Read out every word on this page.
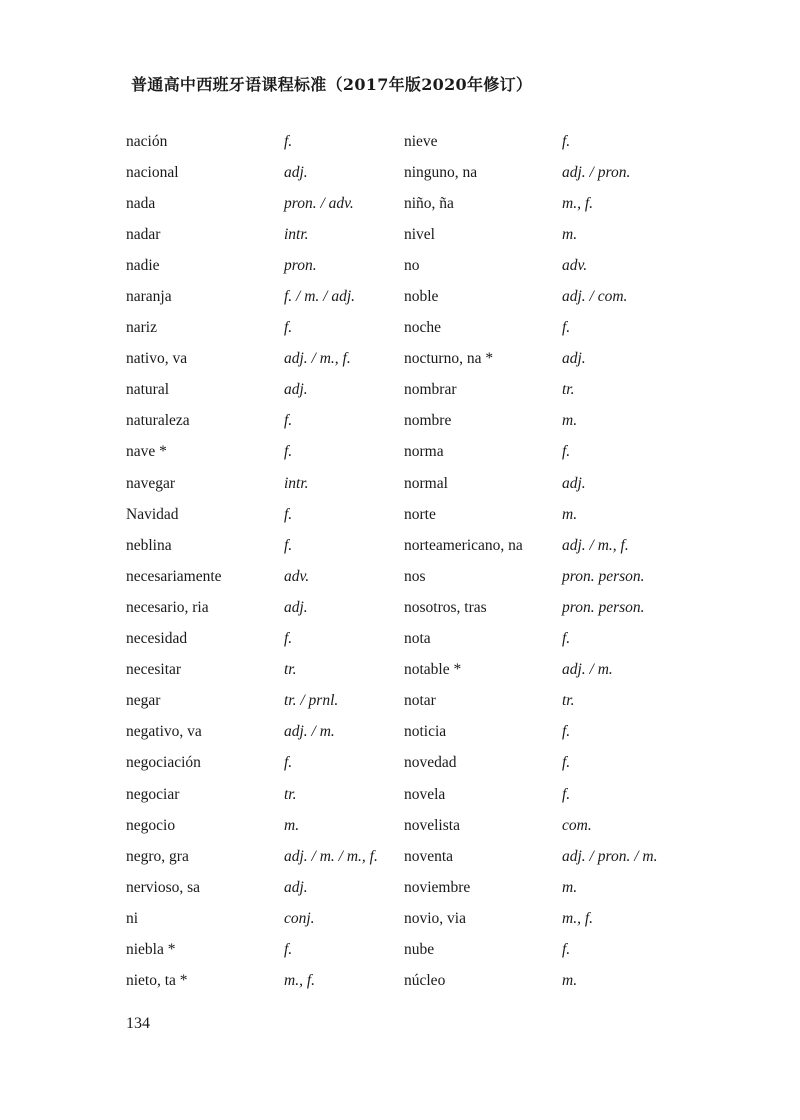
普通高中西班牙语课程标准（2017年版2020年修订）
nación	f.	nieve	f.
nacional	adj.	ninguno, na	adj. / pron.
nada	pron. / adv.	niño, ña	m., f.
nadar	intr.	nivel	m.
nadie	pron.	no	adv.
naranja	f. / m. / adj.	noble	adj. / com.
nariz	f.	noche	f.
nativo, va	adj. / m., f.	nocturno, na *	adj.
natural	adj.	nombrar	tr.
naturaleza	f.	nombre	m.
nave *	f.	norma	f.
navegar	intr.	normal	adj.
Navidad	f.	norte	m.
neblina	f.	norteamericano, na	adj. / m., f.
necesariamente	adv.	nos	pron. person.
necesario, ria	adj.	nosotros, tras	pron. person.
necesidad	f.	nota	f.
necesitar	tr.	notable *	adj. / m.
negar	tr. / prnl.	notar	tr.
negativo, va	adj. / m.	noticia	f.
negociación	f.	novedad	f.
negociar	tr.	novela	f.
negocio	m.	novelista	com.
negro, gra	adj. / m. / m., f.	noventa	adj. / pron. / m.
nervioso, sa	adj.	noviembre	m.
ni	conj.	novio, via	m., f.
niebla *	f.	nube	f.
nieto, ta *	m., f.	núcleo	m.
134
